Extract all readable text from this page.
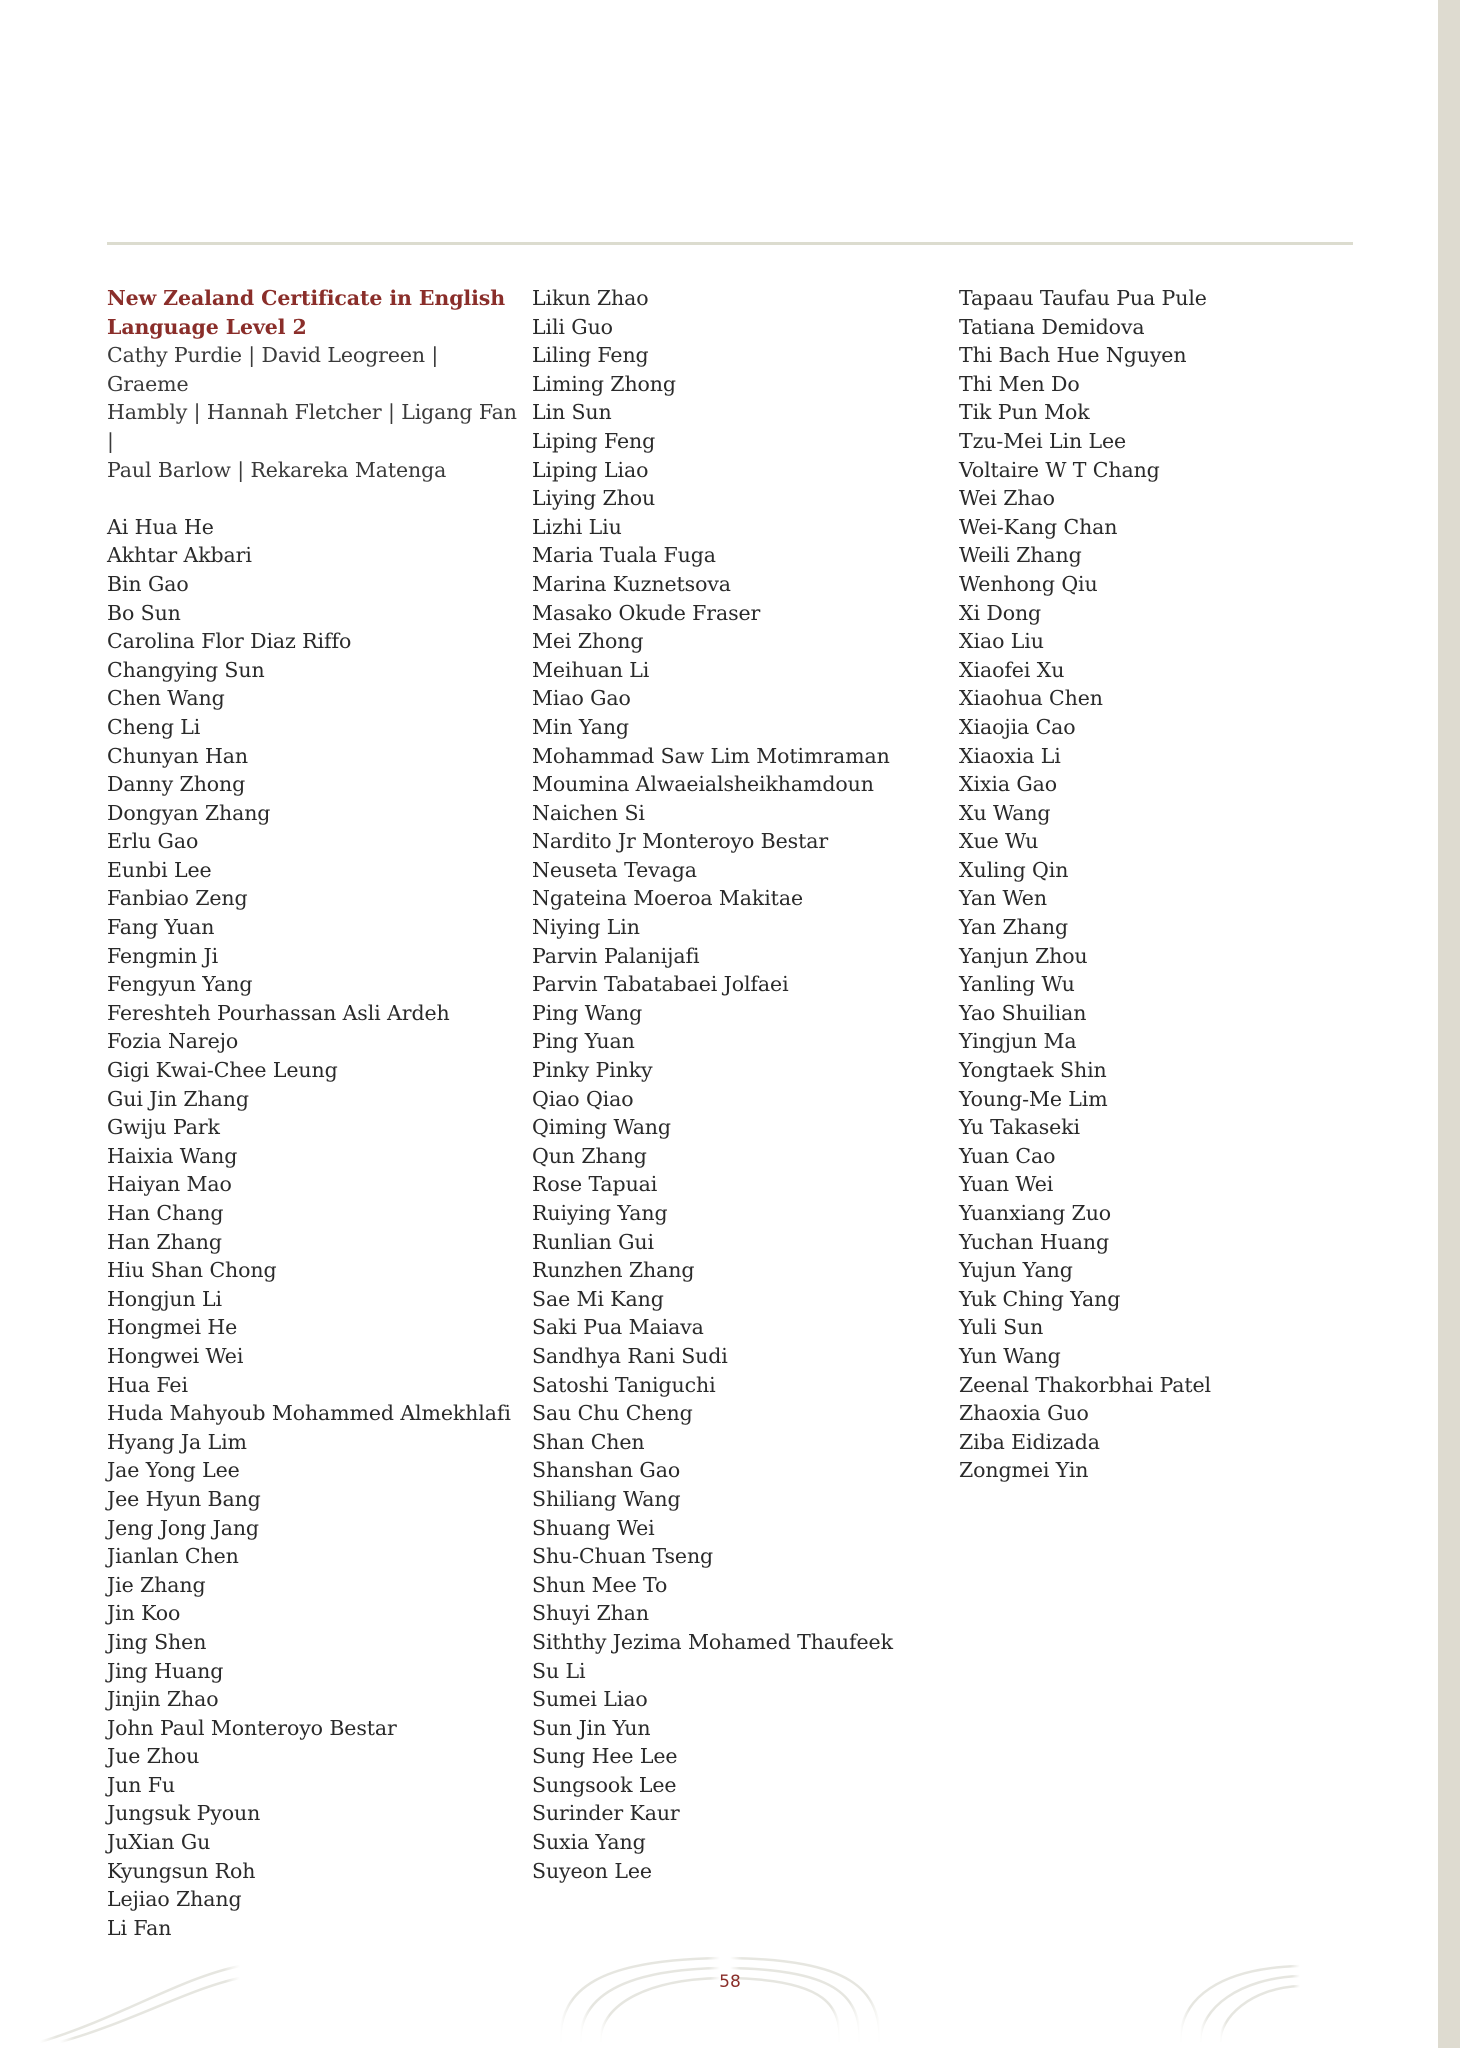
New Zealand Certificate in English
Language Level 2
Cathy Purdie | David Leogreen | Graeme
Hambly | Hannah Fletcher | Ligang Fan |
Paul Barlow | Rekareka Matenga
Ai Hua He
Akhtar Akbari
Bin Gao
Bo Sun
Carolina Flor Diaz Riffo
Changying Sun
Chen Wang
Cheng Li
Chunyan Han
Danny Zhong
Dongyan Zhang
Erlu Gao
Eunbi Lee
Fanbiao Zeng
Fang Yuan
Fengmin Ji
Fengyun Yang
Fereshteh Pourhassan Asli Ardeh
Fozia Narejo
Gigi Kwai-Chee Leung
Gui Jin Zhang
Gwiju Park
Haixia Wang
Haiyan Mao
Han Chang
Han Zhang
Hiu Shan Chong
Hongjun Li
Hongmei He
Hongwei Wei
Hua Fei
Huda Mahyoub Mohammed Almekhlafi
Hyang Ja Lim
Jae Yong Lee
Jee Hyun Bang
Jeng Jong Jang
Jianlan Chen
Jie Zhang
Jin Koo
Jing Shen
Jing Huang
Jinjin Zhao
John Paul Monteroyo Bestar
Jue Zhou
Jun Fu
Jungsuk Pyoun
JuXian Gu
Kyungsun Roh
Lejiao Zhang
Li Fan
Likun Zhao
Lili Guo
Liling Feng
Liming Zhong
Lin Sun
Liping Feng
Liping Liao
Liying Zhou
Lizhi Liu
Maria Tuala Fuga
Marina Kuznetsova
Masako Okude Fraser
Mei Zhong
Meihuan Li
Miao Gao
Min Yang
Mohammad Saw Lim Motimraman
Moumina Alwaeialsheikhamdoun
Naichen Si
Nardito Jr Monteroyo Bestar
Neuseta Tevaga
Ngateina Moeroa Makitae
Niying Lin
Parvin Palanijafi
Parvin Tabatabaei Jolfaei
Ping Wang
Ping Yuan
Pinky Pinky
Qiao Qiao
Qiming Wang
Qun Zhang
Rose Tapuai
Ruiying Yang
Runlian Gui
Runzhen Zhang
Sae Mi Kang
Saki Pua Maiava
Sandhya Rani Sudi
Satoshi Taniguchi
Sau Chu Cheng
Shan Chen
Shanshan Gao
Shiliang Wang
Shuang Wei
Shu-Chuan Tseng
Shun Mee To
Shuyi Zhan
Siththy Jezima Mohamed Thaufeek
Su Li
Sumei Liao
Sun Jin Yun
Sung Hee Lee
Sungsook Lee
Surinder Kaur
Suxia Yang
Suyeon Lee
Tapaau Taufau Pua Pule
Tatiana Demidova
Thi Bach Hue Nguyen
Thi Men Do
Tik Pun Mok
Tzu-Mei Lin Lee
Voltaire W T Chang
Wei Zhao
Wei-Kang Chan
Weili Zhang
Wenhong Qiu
Xi Dong
Xiao Liu
Xiaofei Xu
Xiaohua Chen
Xiaojia Cao
Xiaoxia Li
Xixia Gao
Xu Wang
Xue Wu
Xuling Qin
Yan Wen
Yan Zhang
Yanjun Zhou
Yanling Wu
Yao Shuilian
Yingjun Ma
Yongtaek Shin
Young-Me Lim
Yu Takaseki
Yuan Cao
Yuan Wei
Yuanxiang Zuo
Yuchan Huang
Yujun Yang
Yuk Ching Yang
Yuli Sun
Yun Wang
Zeenal Thakorbhai Patel
Zhaoxia Guo
Ziba Eidizada
Zongmei Yin
58
